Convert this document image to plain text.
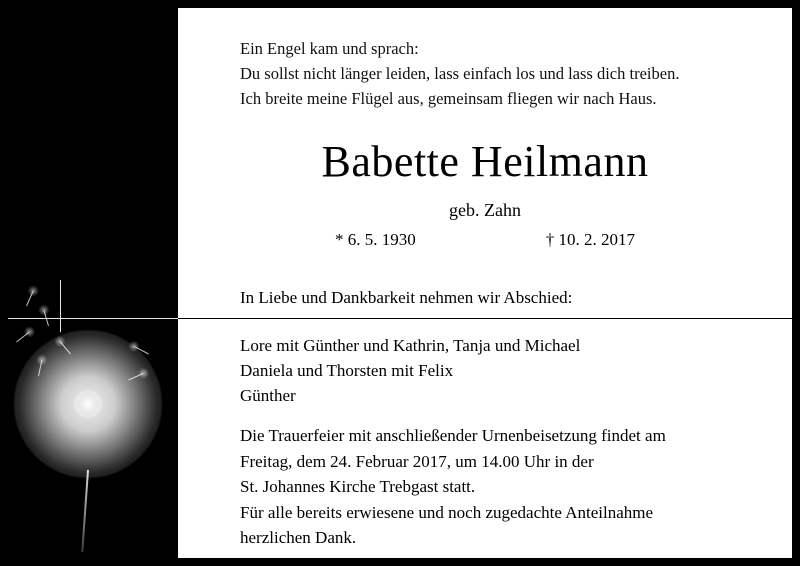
Ein Engel kam und sprach:
Du sollst nicht länger leiden, lass einfach los und lass dich treiben.
Ich breite meine Flügel aus, gemeinsam fliegen wir nach Haus.
Babette Heilmann
geb. Zahn
* 6. 5. 1930	† 10. 2. 2017
In Liebe und Dankbarkeit nehmen wir Abschied:
Lore mit Günther und Kathrin, Tanja und Michael
Daniela und Thorsten mit Felix
Günther
Die Trauerfeier mit anschließender Urnenbeisetzung findet am
Freitag, dem 24. Februar 2017, um 14.00 Uhr in der
St. Johannes Kirche Trebgast statt.
Für alle bereits erwiesene und noch zugedachte Anteilnahme
herzlichen Dank.
